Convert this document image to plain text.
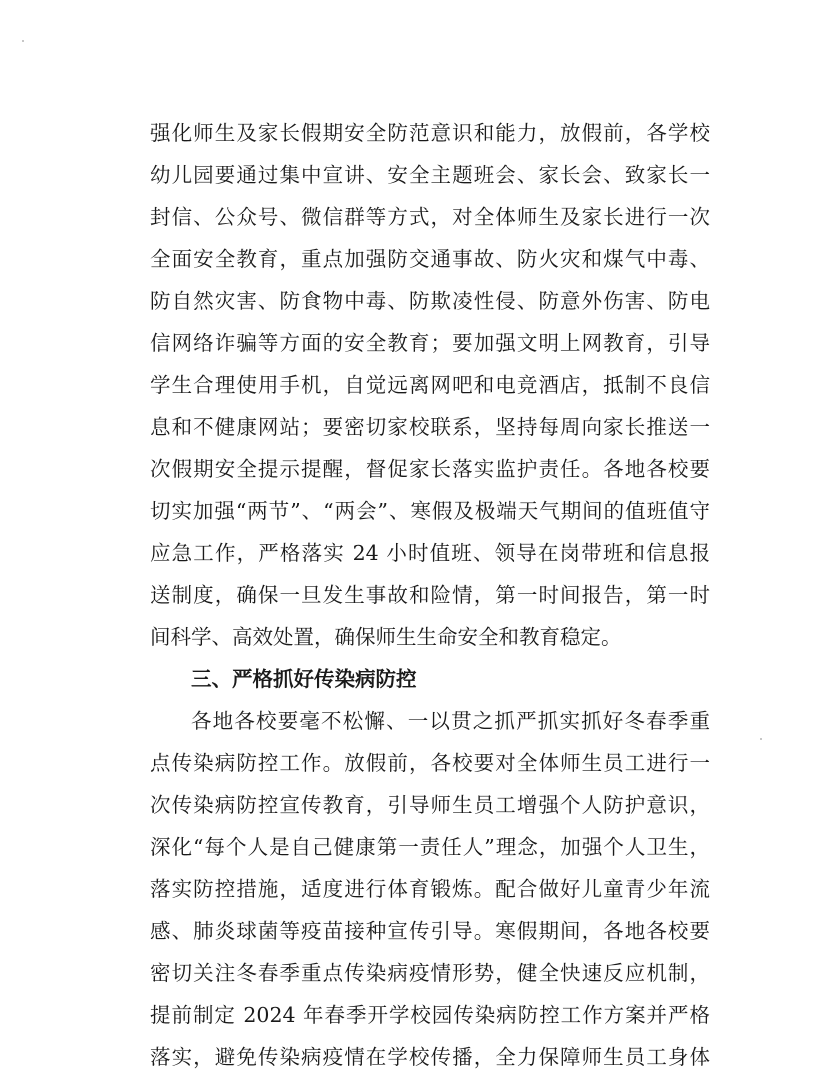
强化师生及家长假期安全防范意识和能力，放假前，各学校
幼儿园要通过集中宣讲、安全主题班会、家长会、致家长一
封信、公众号、微信群等方式，对全体师生及家长进行一次
全面安全教育，重点加强防交通事故、防火灾和煤气中毒、
防自然灾害、防食物中毒、防欺凌性侵、防意外伤害、防电
信网络诈骗等方面的安全教育；要加强文明上网教育，引导
学生合理使用手机，自觉远离网吧和电竞酒店，抵制不良信
息和不健康网站；要密切家校联系，坚持每周向家长推送一
次假期安全提示提醒，督促家长落实监护责任。各地各校要
切实加强“两节”、“两会”、寒假及极端天气期间的值班值守
应急工作，严格落实 24 小时值班、领导在岗带班和信息报
送制度，确保一旦发生事故和险情，第一时间报告，第一时
间科学、高效处置，确保师生生命安全和教育稳定。
三、严格抓好传染病防控
各地各校要毫不松懈、一以贯之抓严抓实抓好冬春季重
点传染病防控工作。放假前，各校要对全体师生员工进行一
次传染病防控宣传教育，引导师生员工增强个人防护意识，
深化“每个人是自己健康第一责任人”理念，加强个人卫生，
落实防控措施，适度进行体育锻炼。配合做好儿童青少年流
感、肺炎球菌等疫苗接种宣传引导。寒假期间，各地各校要
密切关注冬春季重点传染病疫情形势，健全快速反应机制，
提前制定 2024 年春季开学校园传染病防控工作方案并严格
落实，避免传染病疫情在学校传播，全力保障师生员工身体
